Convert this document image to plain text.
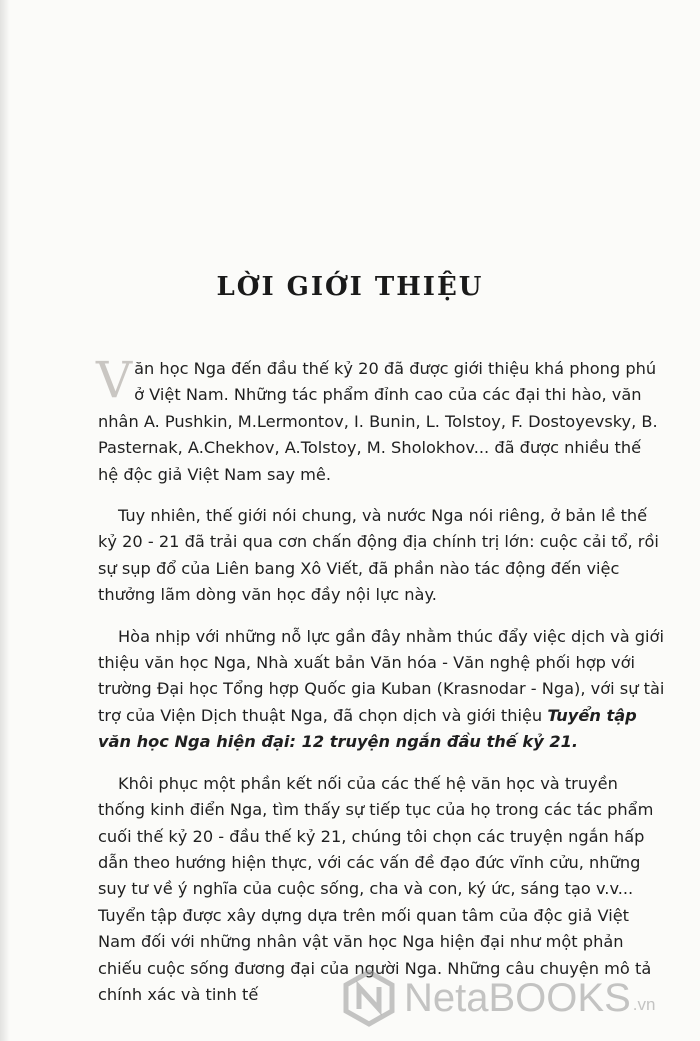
LỜI GIỚI THIỆU

Văn học Nga đến đầu thế kỷ 20 đã được giới thiệu khá phong phú ở Việt Nam. Những tác phẩm đỉnh cao của các đại thi hào, văn nhân A. Pushkin, M.Lermontov, I. Bunin, L. Tolstoy, F. Dostoyevsky, B. Pasternak, A.Chekhov, A.Tolstoy, M. Sholokhov... đã được nhiều thế hệ độc giả Việt Nam say mê.

Tuy nhiên, thế giới nói chung, và nước Nga nói riêng, ở bản lề thế kỷ 20 - 21 đã trải qua cơn chấn động địa chính trị lớn: cuộc cải tổ, rồi sự sụp đổ của Liên bang Xô Viết, đã phần nào tác động đến việc thưởng lãm dòng văn học đầy nội lực này.

Hòa nhịp với những nỗ lực gần đây nhằm thúc đẩy việc dịch và giới thiệu văn học Nga, Nhà xuất bản Văn hóa - Văn nghệ phối hợp với trường Đại học Tổng hợp Quốc gia Kuban (Krasnodar - Nga), với sự tài trợ của Viện Dịch thuật Nga, đã chọn dịch và giới thiệu Tuyển tập văn học Nga hiện đại: 12 truyện ngắn đầu thế kỷ 21.

Khôi phục một phần kết nối của các thế hệ văn học và truyền thống kinh điển Nga, tìm thấy sự tiếp tục của họ trong các tác phẩm cuối thế kỷ 20 - đầu thế kỷ 21, chúng tôi chọn các truyện ngắn hấp dẫn theo hướng hiện thực, với các vấn đề đạo đức vĩnh cửu, những suy tư về ý nghĩa của cuộc sống, cha và con, ký ức, sáng tạo v.v... Tuyển tập được xây dựng dựa trên mối quan tâm của độc giả Việt Nam đối với những nhân vật văn học Nga hiện đại như một phản chiếu cuộc sống đương đại của người Nga. Những câu chuyện mô tả chính xác và tinh tế	NetaBOOKS .vn
